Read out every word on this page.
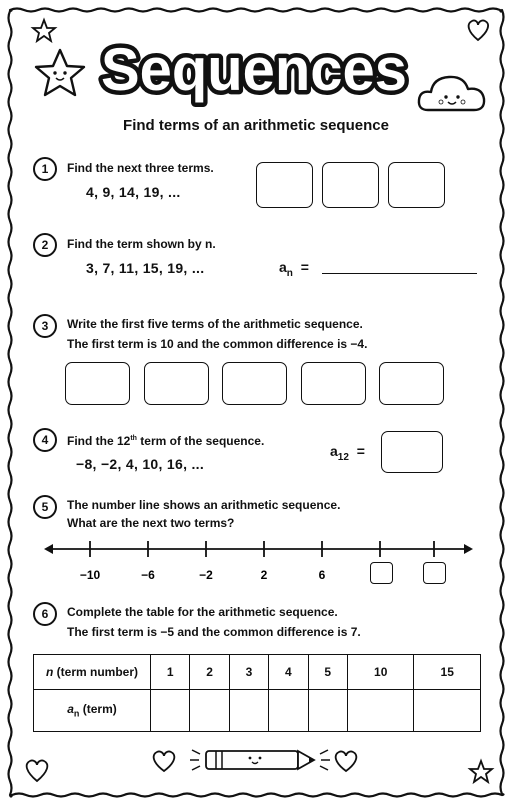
Sequences
Find terms of an arithmetic sequence
1	Find the next three terms.
4, 9, 14, 19, ...
2	Find the term shown by n.
3, 7, 11, 15, 19, ...	$a_n$ =
3	Write the first five terms of the arithmetic sequence.
The first term is 10 and the common difference is −4.
4	Find the 12th term of the sequence.
−8, −2, 4, 10, 16, ...
$a_{12}$ =
5	The number line shows an arithmetic sequence.
What are the next two terms?
−10	−6	−2	2	6
6	Complete the table for the arithmetic sequence.
The first term is −5 and the common difference is 7.
n (term number)	1	2	3	4	5	10	15
$a_n$ (term)							
